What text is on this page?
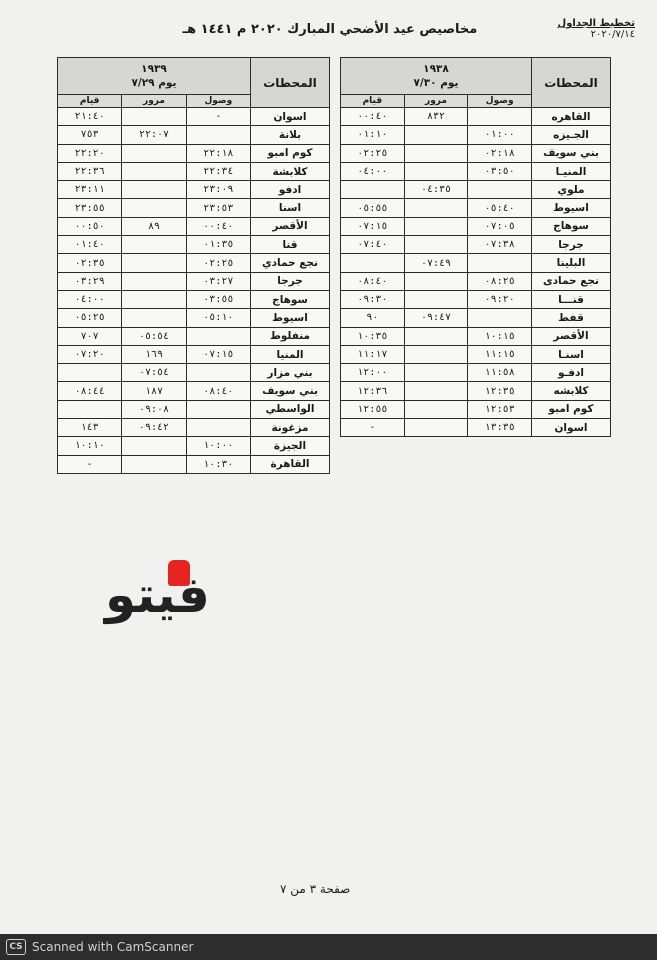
مخاصيص عيد الأضحي المبارك ٢٠٢٠ م ١٤٤١ هـ	تخطيط الجداول
٢٠٢٠/٧/١٤
المحطات	١٩٣٨
يوم ٧/٣٠		

	وصول	مرور	قيام
القاهره		٨٣٢	٠٠:٤٠
الجـيزه	٠١:٠٠		٠١:١٠
بني سويف	٠٢:١٨		٠٢:٢٥
المنيـا	٠٣:٥٠		٠٤:٠٠
ملوي		٠٤:٣٥	
اسيوط	٠٥:٤٠		٠٥:٥٥
سوهاج	٠٧:٠٥		٠٧:١٥
جرجا	٠٧:٣٨		٠٧:٤٠
البلينا		٠٧:٤٩	
نجع حمادى	٠٨:٢٥		٠٨:٤٠
قنـــا	٠٩:٢٠		٠٩:٣٠
قفط		٠٩:٤٧	٩٠
الأقصر	١٠:١٥		١٠:٣٥
اسنـا	١١:١٥		١١:١٧
ادفـو	١١:٥٨		١٢:٠٠
كلابشه	١٢:٣٥		١٢:٣٦
كوم امبو	١٢:٥٣		١٢:٥٥
اسوان	١٣:٣٥		-
المحطات	١٩٣٩
يوم ٧/٢٩		

	وصول	مرور	قيام
اسوان	-		٢١:٤٠
بلانة		٢٢:٠٧	٧٥٣
كوم امبو	٢٢:١٨		٢٢:٢٠
كلابشة	٢٢:٣٤		٢٢:٣٦
ادفو	٢٣:٠٩		٢٣:١١
اسنا	٢٣:٥٣		٢٣:٥٥
الأقصر	٠٠:٤٠	٨٩	٠٠:٥٠
قنا	٠١:٣٥		٠١:٤٠
نجع حمادي	٠٢:٢٥		٠٢:٣٥
جرجا	٠٣:٢٧		٠٣:٢٩
سوهاج	٠٣:٥٥		٠٤:٠٠
اسيوط	٠٥:١٠		٠٥:٢٥
منفلوط		٠٥:٥٤	٧٠٧
المنيا	٠٧:١٥	١٦٩	٠٧:٢٠
بني مزار		٠٧:٥٤	
بني سويف	٠٨:٤٠	١٨٧	٠٨:٤٤
الواسطي		٠٩:٠٨	
مزغونة		٠٩:٤٢	١٤٣
الجيزة	١٠:٠٠		١٠:١٠
القاهرة	١٠:٣٠		-
فيتو
صفحة ٣ من ٧
CS Scanned with CamScanner
